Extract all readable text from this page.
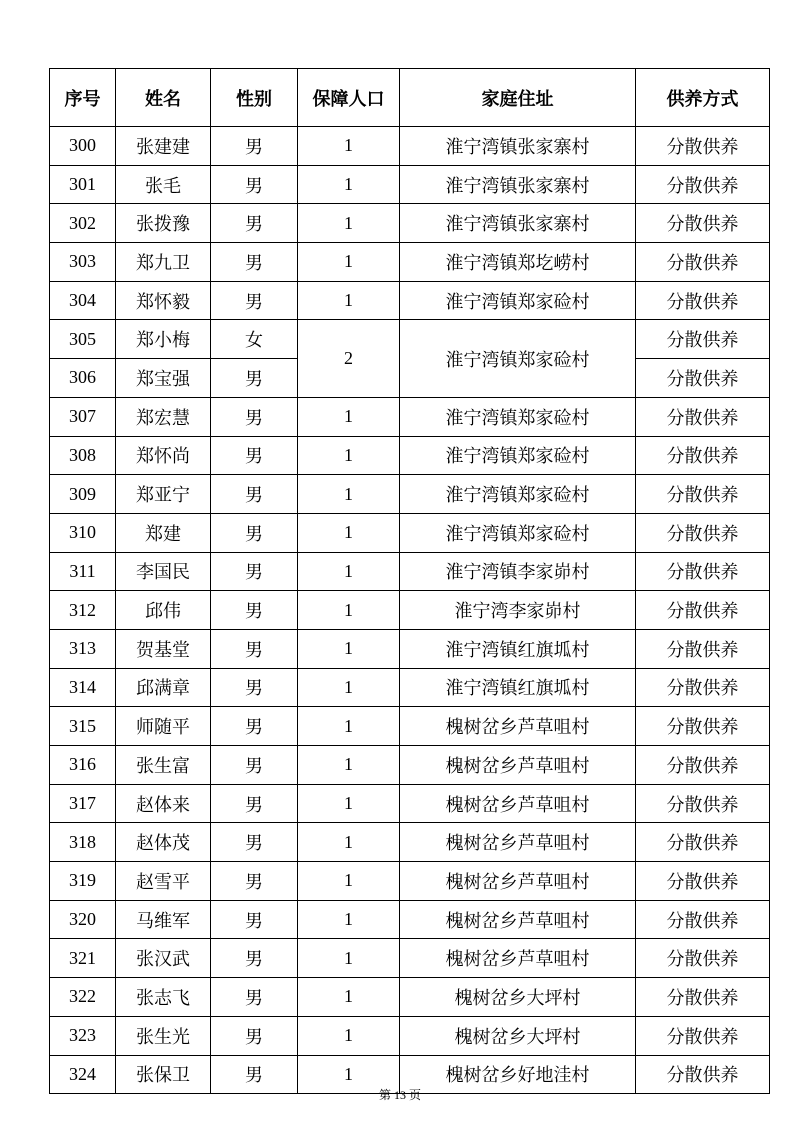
序号	姓名	性别	保障人口	家庭住址	供养方式
300	张建建	男	1	淮宁湾镇张家寨村	分散供养
301	张毛	男	1	淮宁湾镇张家寨村	分散供养
302	张拨豫	男	1	淮宁湾镇张家寨村	分散供养
303	郑九卫	男	1	淮宁湾镇郑圪崂村	分散供养
304	郑怀毅	男	1	淮宁湾镇郑家硷村	分散供养
305	郑小梅	女	2	淮宁湾镇郑家硷村	分散供养
306	郑宝强	男			分散供养
307	郑宏慧	男	1	淮宁湾镇郑家硷村	分散供养
308	郑怀尚	男	1	淮宁湾镇郑家硷村	分散供养
309	郑亚宁	男	1	淮宁湾镇郑家硷村	分散供养
310	郑建	男	1	淮宁湾镇郑家硷村	分散供养
311	李国民	男	1	淮宁湾镇李家峁村	分散供养
312	邱伟	男	1	淮宁湾李家峁村	分散供养
313	贺基堂	男	1	淮宁湾镇红旗坬村	分散供养
314	邱满章	男	1	淮宁湾镇红旗坬村	分散供养
315	师随平	男	1	槐树岔乡芦草咀村	分散供养
316	张生富	男	1	槐树岔乡芦草咀村	分散供养
317	赵体来	男	1	槐树岔乡芦草咀村	分散供养
318	赵体茂	男	1	槐树岔乡芦草咀村	分散供养
319	赵雪平	男	1	槐树岔乡芦草咀村	分散供养
320	马维军	男	1	槐树岔乡芦草咀村	分散供养
321	张汉武	男	1	槐树岔乡芦草咀村	分散供养
322	张志飞	男	1	槐树岔乡大坪村	分散供养
323	张生光	男	1	槐树岔乡大坪村	分散供养
324	张保卫	男	1	槐树岔乡好地洼村	分散供养
第 13 页
